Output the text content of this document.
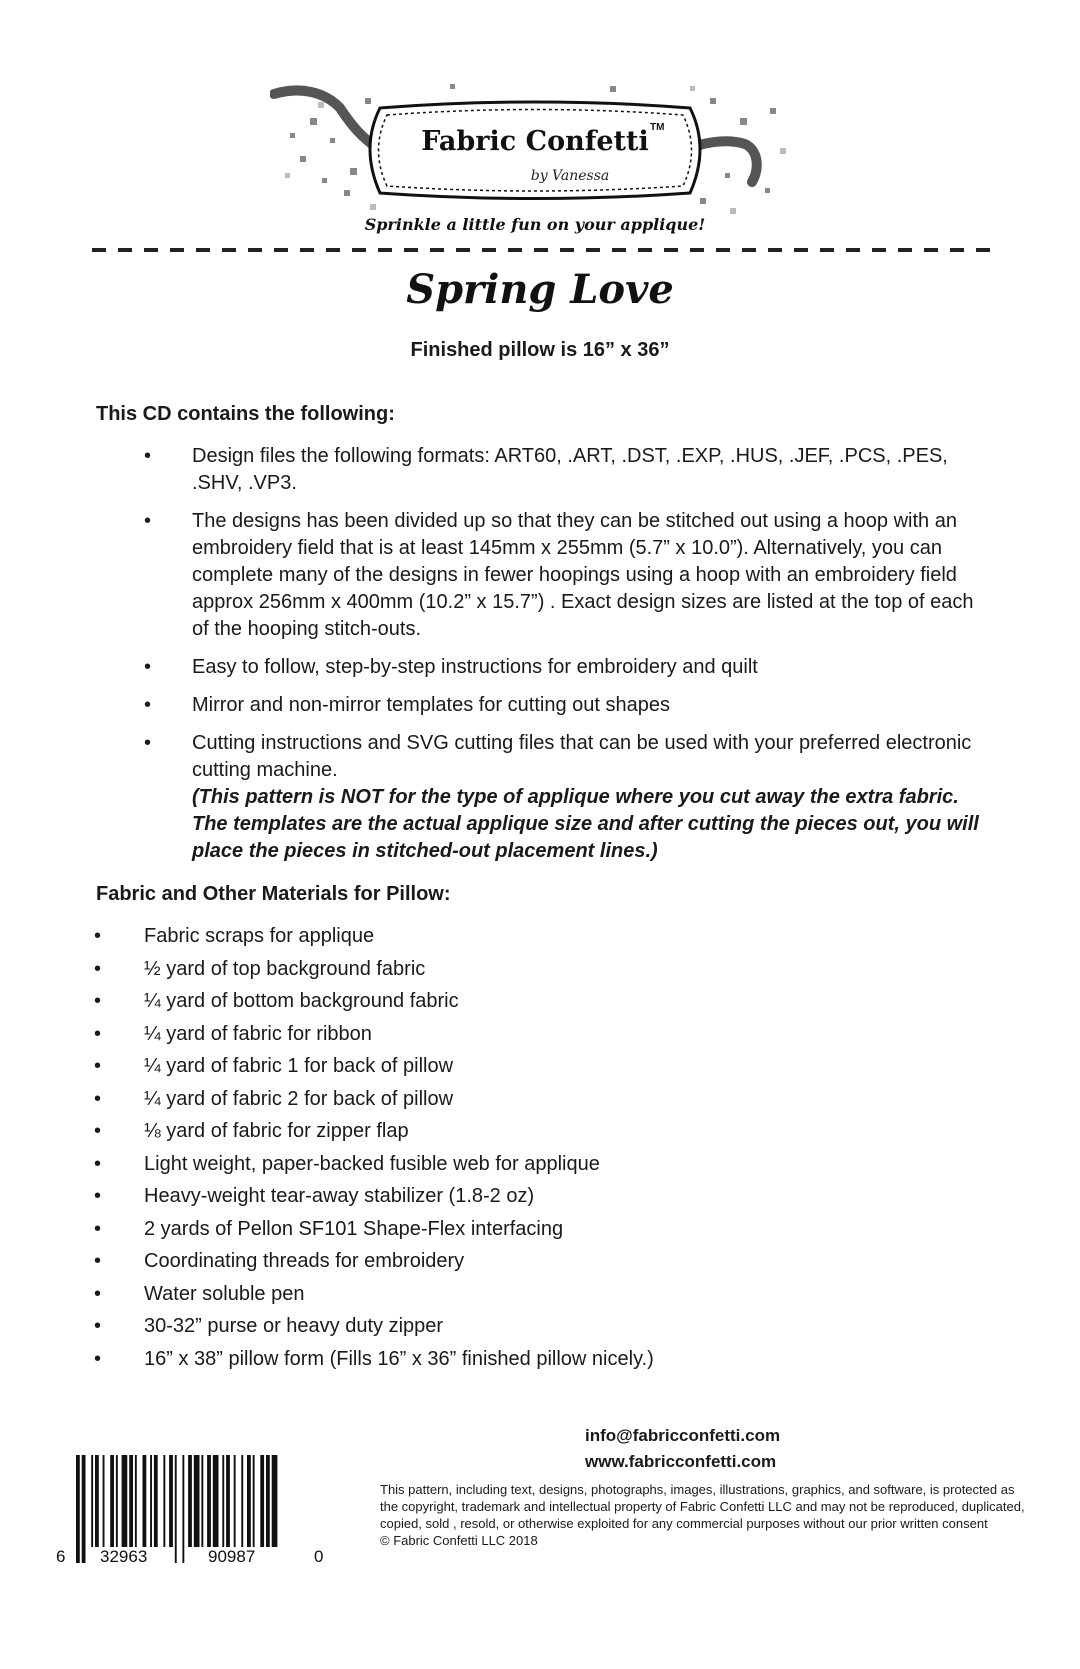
Fabric Confetti TM
by Vanessa
Sprinkle a little fun on your applique!
Spring Love
Finished pillow is 16” x 36”
This CD contains the following:
• Design files the following formats: ART60, .ART, .DST, .EXP, .HUS, .JEF, .PCS, .PES, .SHV, .VP3.
• The designs has been divided up so that they can be stitched out using a hoop with an embroidery field that is at least 145mm x 255mm (5.7” x 10.0”). Alternatively, you can complete many of the designs in fewer hoopings using a hoop with an embroidery field approx 256mm x 400mm (10.2” x 15.7”) . Exact design sizes are listed at the top of each of the hooping stitch-outs.
• Easy to follow, step-by-step instructions for embroidery and quilt
• Mirror and non-mirror templates for cutting out shapes
• Cutting instructions and SVG cutting files that can be used with your preferred electronic cutting machine.
(This pattern is NOT for the type of applique where you cut away the extra fabric. The templates are the actual applique size and after cutting the pieces out, you will place the pieces in stitched-out placement lines.)
Fabric and Other Materials for Pillow:
• Fabric scraps for applique
• ½ yard of top background fabric
• ¼ yard of bottom background fabric
• ¼ yard of fabric for ribbon
• ¼ yard of fabric 1 for back of pillow
• ¼ yard of fabric 2 for back of pillow
• ⅛ yard of fabric for zipper flap
• Light weight, paper-backed fusible web for applique
• Heavy-weight tear-away stabilizer (1.8-2 oz)
• 2 yards of Pellon SF101 Shape-Flex interfacing
• Coordinating threads for embroidery
• Water soluble pen
• 30-32” purse or heavy duty zipper
• 16” x 38” pillow form (Fills 16” x 36” finished pillow nicely.)
info@fabricconfetti.com
www.fabricconfetti.com
This pattern, including text, designs, photographs, images, illustrations, graphics, and software, is protected as the copyright, trademark and intellectual property of Fabric Confetti LLC and may not be reproduced, duplicated, copied, sold , resold, or otherwise exploited for any commercial purposes without our prior written consent
© Fabric Confetti LLC 2018
6 32963	90987	0
